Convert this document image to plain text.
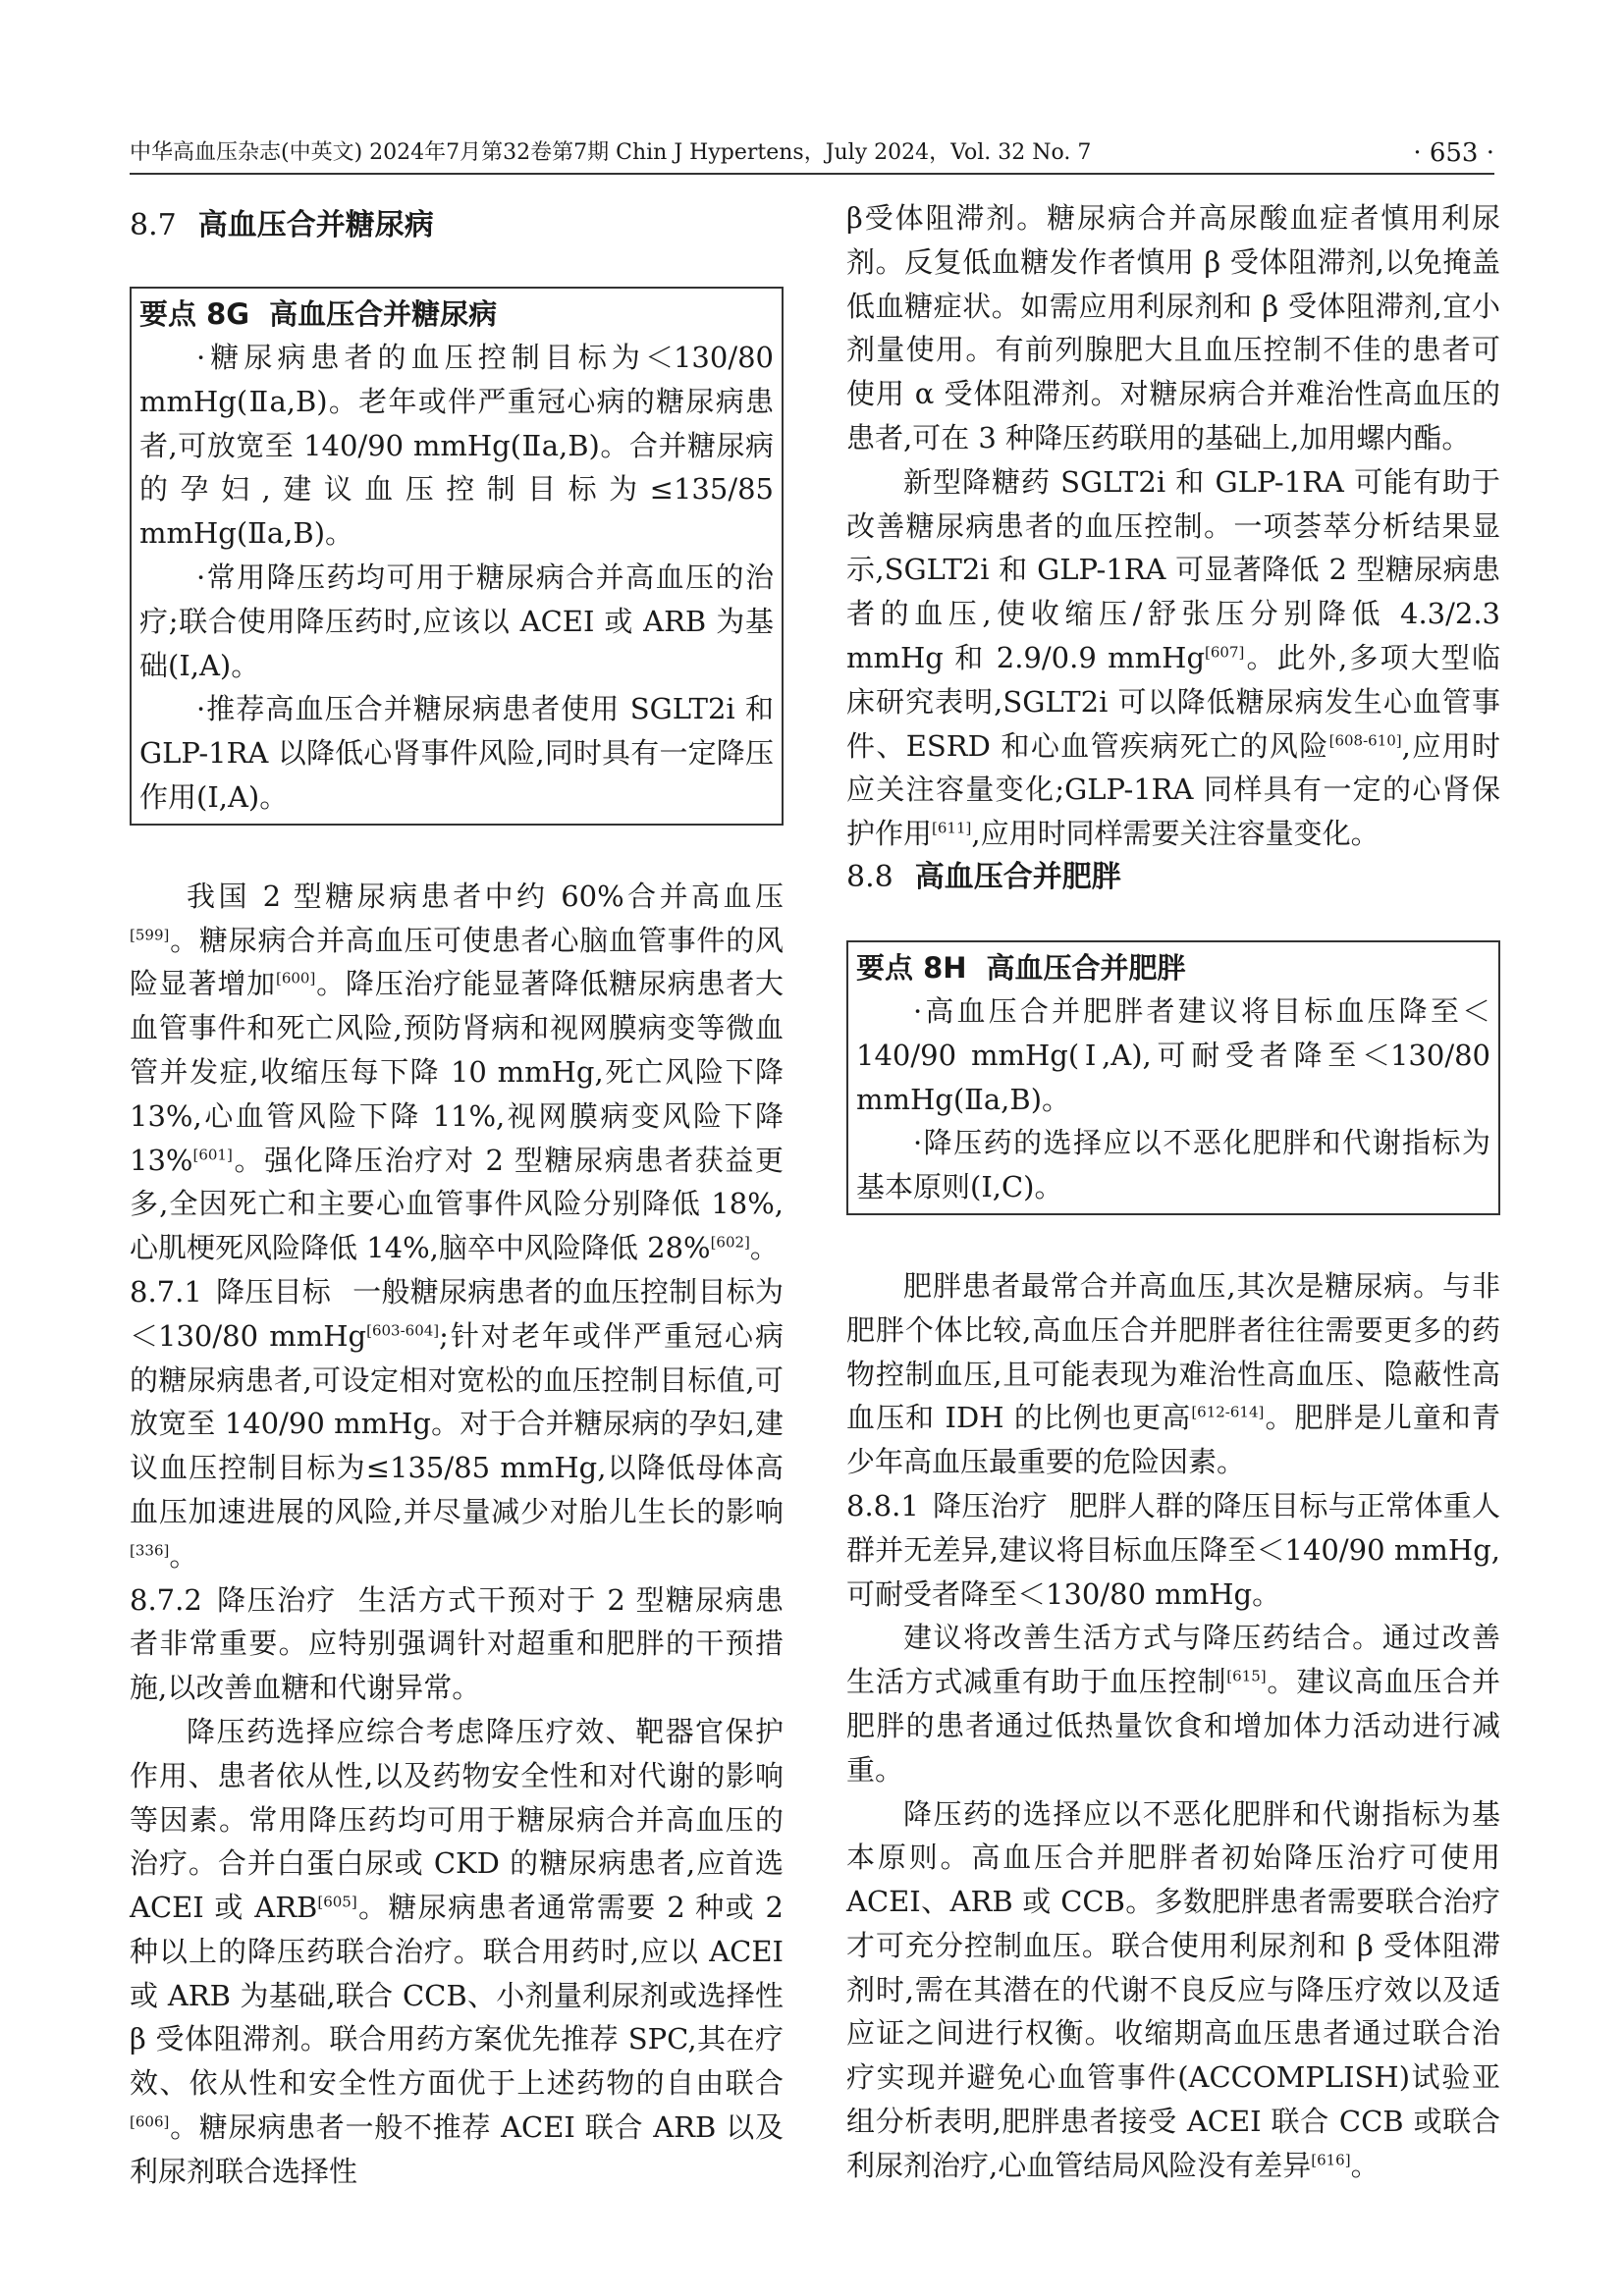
中华高血压杂志(中英文) 2024年7月第32卷第7期 Chin J Hypertens，July 2024，Vol. 32 No. 7	· 653 ·
8.7 高血压合并糖尿病
要点 8G 高血压合并糖尿病

·糖尿病患者的血压控制目标为＜130/80 mmHg(Ⅱa,B)。老年或伴严重冠心病的糖尿病患者,可放宽至 140/90 mmHg(Ⅱa,B)。合并糖尿病的孕妇,建议血压控制目标为≤135/85 mmHg(Ⅱa,B)。

·常用降压药均可用于糖尿病合并高血压的治疗;联合使用降压药时,应该以 ACEI 或 ARB 为基础(Ⅰ,A)。

·推荐高血压合并糖尿病患者使用 SGLT2i 和 GLP-1RA 以降低心肾事件风险,同时具有一定降压作用(Ⅰ,A)。

我国 2 型糖尿病患者中约 60%合并高血压[599]。糖尿病合并高血压可使患者心脑血管事件的风险显著增加[600]。降压治疗能显著降低糖尿病患者大血管事件和死亡风险,预防肾病和视网膜病变等微血管并发症,收缩压每下降 10 mmHg,死亡风险下降 13%,心血管风险下降 11%,视网膜病变风险下降 13%[601]。强化降压治疗对 2 型糖尿病患者获益更多,全因死亡和主要心血管事件风险分别降低 18%,心肌梗死风险降低 14%,脑卒中风险降低 28%[602]。

8.7.1 降压目标 一般糖尿病患者的血压控制目标为＜130/80 mmHg[603-604];针对老年或伴严重冠心病的糖尿病患者,可设定相对宽松的血压控制目标值,可放宽至 140/90 mmHg。对于合并糖尿病的孕妇,建议血压控制目标为≤135/85 mmHg,以降低母体高血压加速进展的风险,并尽量减少对胎儿生长的影响[336]。

8.7.2 降压治疗 生活方式干预对于 2 型糖尿病患者非常重要。应特别强调针对超重和肥胖的干预措施,以改善血糖和代谢异常。

降压药选择应综合考虑降压疗效、靶器官保护作用、患者依从性,以及药物安全性和对代谢的影响等因素。常用降压药均可用于糖尿病合并高血压的治疗。合并白蛋白尿或 CKD 的糖尿病患者,应首选 ACEI 或 ARB[605]。糖尿病患者通常需要 2 种或 2 种以上的降压药联合治疗。联合用药时,应以 ACEI 或 ARB 为基础,联合 CCB、小剂量利尿剂或选择性 β 受体阻滞剂。联合用药方案优先推荐 SPC,其在疗效、依从性和安全性方面优于上述药物的自由联合[606]。糖尿病患者一般不推荐 ACEI 联合 ARB 以及利尿剂联合选择性

β受体阻滞剂。糖尿病合并高尿酸血症者慎用利尿剂。反复低血糖发作者慎用 β 受体阻滞剂,以免掩盖低血糖症状。如需应用利尿剂和 β 受体阻滞剂,宜小剂量使用。有前列腺肥大且血压控制不佳的患者可使用 α 受体阻滞剂。对糖尿病合并难治性高血压的患者,可在 3 种降压药联用的基础上,加用螺内酯。

新型降糖药 SGLT2i 和 GLP-1RA 可能有助于改善糖尿病患者的血压控制。一项荟萃分析结果显示,SGLT2i 和 GLP-1RA 可显著降低 2 型糖尿病患者的血压,使收缩压/舒张压分别降低 4.3/2.3 mmHg 和 2.9/0.9 mmHg[607]。此外,多项大型临床研究表明,SGLT2i 可以降低糖尿病发生心血管事件、ESRD 和心血管疾病死亡的风险[608-610],应用时应关注容量变化;GLP-1RA 同样具有一定的心肾保护作用[611],应用时同样需要关注容量变化。

8.8 高血压合并肥胖
要点 8H 高血压合并肥胖

·高血压合并肥胖者建议将目标血压降至＜140/90 mmHg(Ⅰ,A),可耐受者降至＜130/80 mmHg(Ⅱa,B)。

·降压药的选择应以不恶化肥胖和代谢指标为基本原则(Ⅰ,C)。

肥胖患者最常合并高血压,其次是糖尿病。与非肥胖个体比较,高血压合并肥胖者往往需要更多的药物控制血压,且可能表现为难治性高血压、隐蔽性高血压和 IDH 的比例也更高[612-614]。肥胖是儿童和青少年高血压最重要的危险因素。

8.8.1 降压治疗 肥胖人群的降压目标与正常体重人群并无差异,建议将目标血压降至＜140/90 mmHg,可耐受者降至＜130/80 mmHg。

建议将改善生活方式与降压药结合。通过改善生活方式减重有助于血压控制[615]。建议高血压合并肥胖的患者通过低热量饮食和增加体力活动进行减重。

降压药的选择应以不恶化肥胖和代谢指标为基本原则。高血压合并肥胖者初始降压治疗可使用 ACEI、ARB 或 CCB。多数肥胖患者需要联合治疗才可充分控制血压。联合使用利尿剂和 β 受体阻滞剂时,需在其潜在的代谢不良反应与降压疗效以及适应证之间进行权衡。收缩期高血压患者通过联合治疗实现并避免心血管事件(ACCOMPLISH)试验亚组分析表明,肥胖患者接受 ACEI 联合 CCB 或联合利尿剂治疗,心血管结局风险没有差异[616]。
